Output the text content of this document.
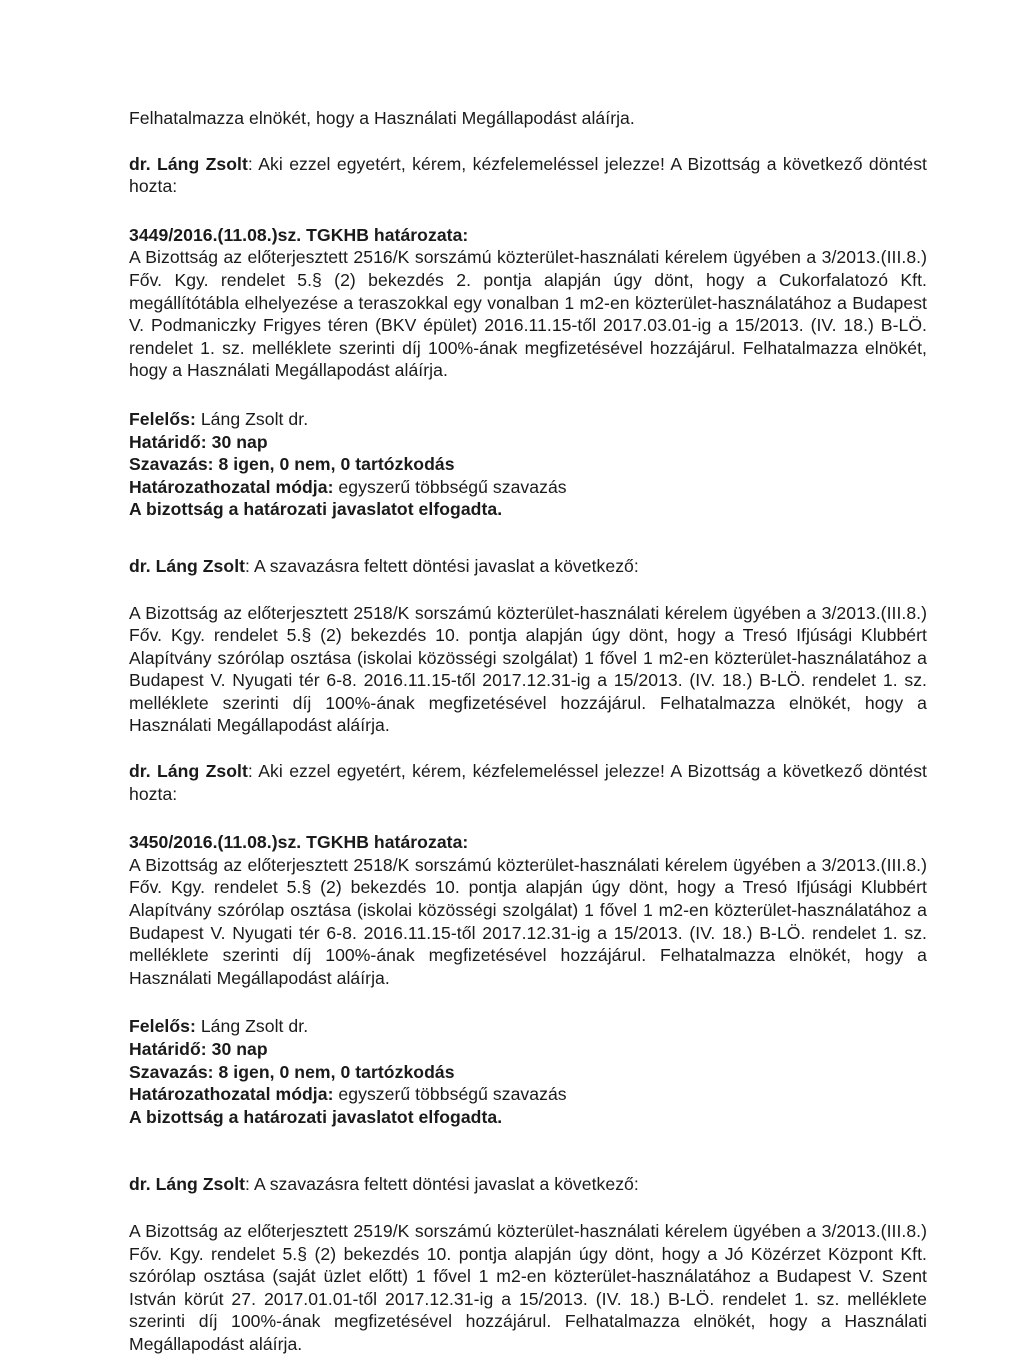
Felhatalmazza elnökét, hogy a Használati Megállapodást aláírja.

dr. Láng Zsolt: Aki ezzel egyetért, kérem, kézfelemeléssel jelezze! A Bizottság a következő döntést hozta:

3449/2016.(11.08.)sz. TGKHB határozata:

A Bizottság az előterjesztett 2516/K sorszámú közterület-használati kérelem ügyében a 3/2013.(III.8.) Főv. Kgy. rendelet 5.§ (2) bekezdés 2. pontja alapján úgy dönt, hogy a Cukorfalatozó Kft. megállítótábla elhelyezése a teraszokkal egy vonalban 1 m2-en közterület-használatához a Budapest V. Podmaniczky Frigyes téren (BKV épület) 2016.11.15-től 2017.03.01-ig a 15/2013. (IV. 18.) B-LÖ. rendelet 1. sz. melléklete szerinti díj 100%-ának megfizetésével hozzájárul. Felhatalmazza elnökét, hogy a Használati Megállapodást aláírja.

Felelős: Láng Zsolt dr.

Határidő: 30 nap

Szavazás: 8 igen, 0 nem, 0 tartózkodás

Határozathozatal módja: egyszerű többségű szavazás

A bizottság a határozati javaslatot elfogadta.

dr. Láng Zsolt: A szavazásra feltett döntési javaslat a következő:

A Bizottság az előterjesztett 2518/K sorszámú közterület-használati kérelem ügyében a 3/2013.(III.8.) Főv. Kgy. rendelet 5.§ (2) bekezdés 10. pontja alapján úgy dönt, hogy a Tresó Ifjúsági Klubbért Alapítvány szórólap osztása (iskolai közösségi szolgálat) 1 fővel 1 m2-en közterület-használatához a Budapest V. Nyugati tér 6-8. 2016.11.15-től 2017.12.31-ig a 15/2013. (IV. 18.) B-LÖ. rendelet 1. sz. melléklete szerinti díj 100%-ának megfizetésével hozzájárul. Felhatalmazza elnökét, hogy a Használati Megállapodást aláírja.

dr. Láng Zsolt: Aki ezzel egyetért, kérem, kézfelemeléssel jelezze! A Bizottság a következő döntést hozta:

3450/2016.(11.08.)sz. TGKHB határozata:

A Bizottság az előterjesztett 2518/K sorszámú közterület-használati kérelem ügyében a 3/2013.(III.8.) Főv. Kgy. rendelet 5.§ (2) bekezdés 10. pontja alapján úgy dönt, hogy a Tresó Ifjúsági Klubbért Alapítvány szórólap osztása (iskolai közösségi szolgálat) 1 fővel 1 m2-en közterület-használatához a Budapest V. Nyugati tér 6-8. 2016.11.15-től 2017.12.31-ig a 15/2013. (IV. 18.) B-LÖ. rendelet 1. sz. melléklete szerinti díj 100%-ának megfizetésével hozzájárul. Felhatalmazza elnökét, hogy a Használati Megállapodást aláírja.

Felelős: Láng Zsolt dr.

Határidő: 30 nap

Szavazás: 8 igen, 0 nem, 0 tartózkodás

Határozathozatal módja: egyszerű többségű szavazás

A bizottság a határozati javaslatot elfogadta.

dr. Láng Zsolt: A szavazásra feltett döntési javaslat a következő:

A Bizottság az előterjesztett 2519/K sorszámú közterület-használati kérelem ügyében a 3/2013.(III.8.) Főv. Kgy. rendelet 5.§ (2) bekezdés 10. pontja alapján úgy dönt, hogy a Jó Közérzet Központ Kft. szórólap osztása (saját üzlet előtt) 1 fővel 1 m2-en közterület-használatához a Budapest V. Szent István körút 27. 2017.01.01-től 2017.12.31-ig a 15/2013. (IV. 18.) B-LÖ. rendelet 1. sz. melléklete szerinti díj 100%-ának megfizetésével hozzájárul. Felhatalmazza elnökét, hogy a Használati Megállapodást aláírja.
